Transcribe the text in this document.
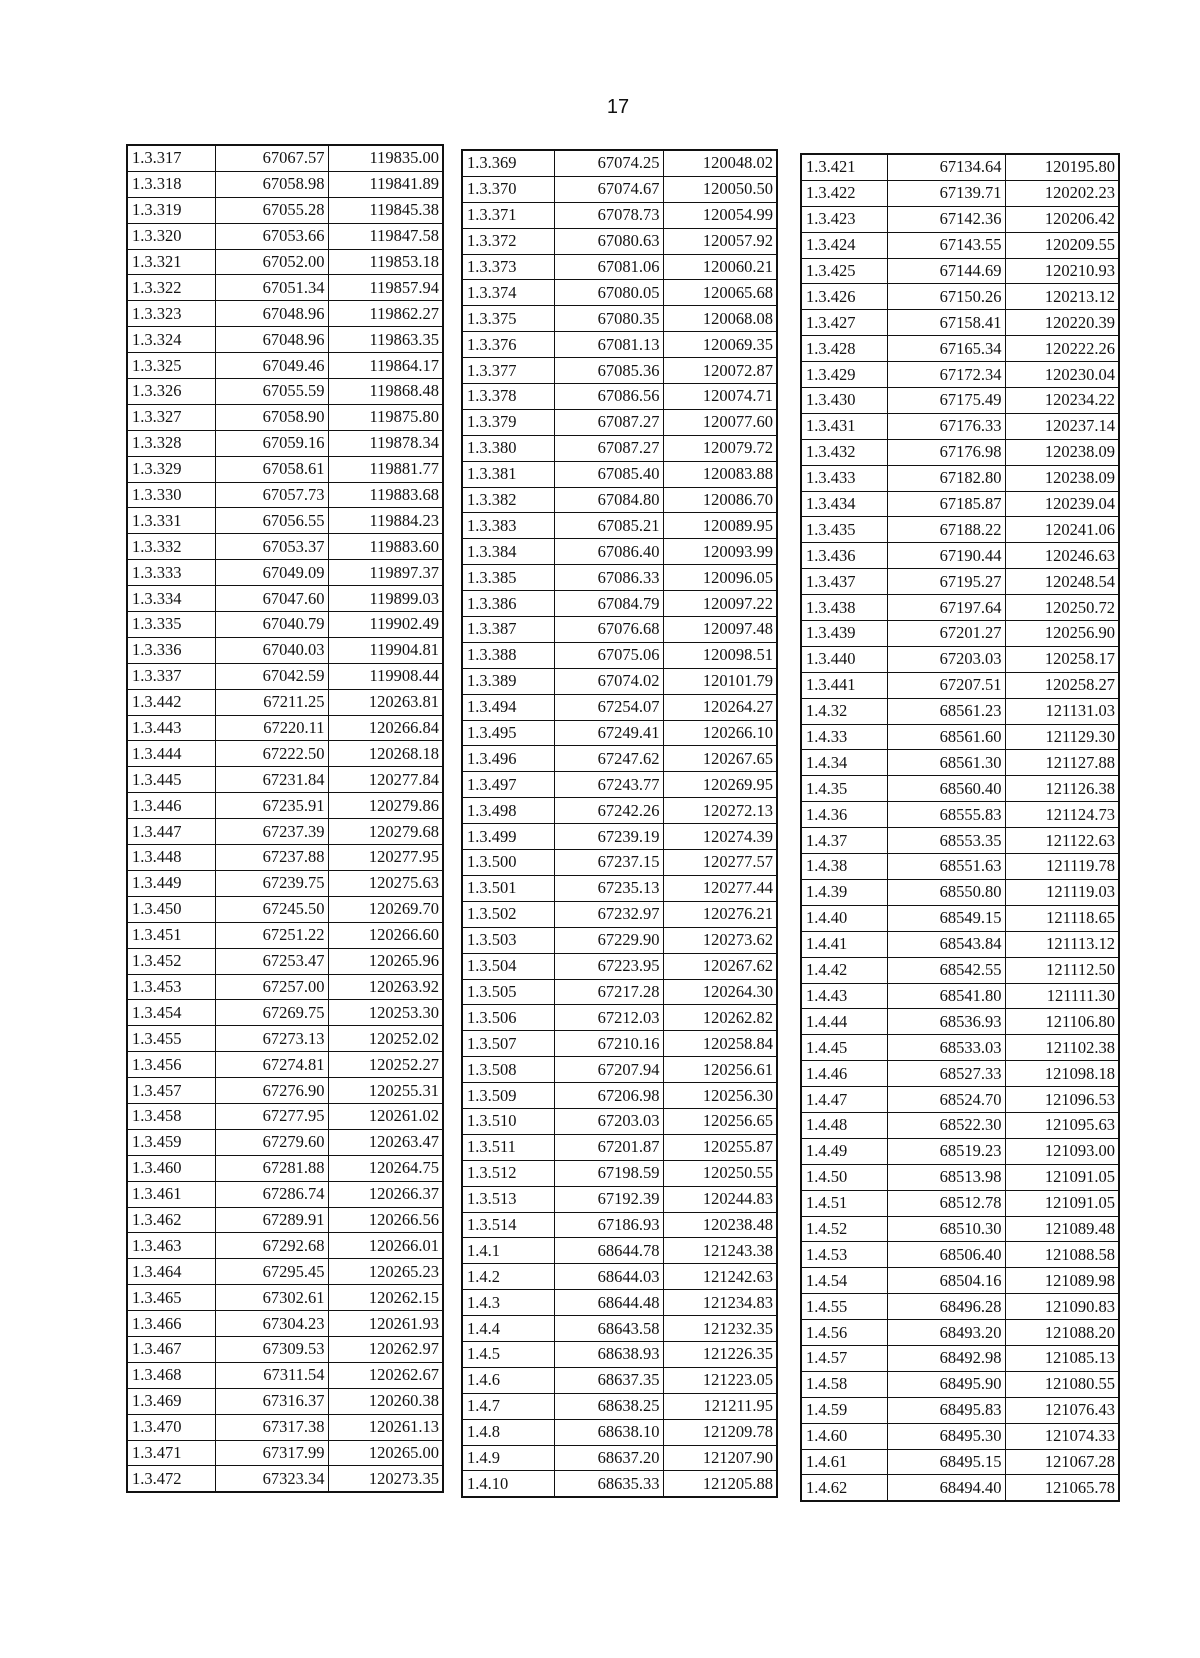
17
1.3.317	67067.57	119835.00
1.3.318	67058.98	119841.89
1.3.319	67055.28	119845.38
1.3.320	67053.66	119847.58
1.3.321	67052.00	119853.18
1.3.322	67051.34	119857.94
1.3.323	67048.96	119862.27
1.3.324	67048.96	119863.35
1.3.325	67049.46	119864.17
1.3.326	67055.59	119868.48
1.3.327	67058.90	119875.80
1.3.328	67059.16	119878.34
1.3.329	67058.61	119881.77
1.3.330	67057.73	119883.68
1.3.331	67056.55	119884.23
1.3.332	67053.37	119883.60
1.3.333	67049.09	119897.37
1.3.334	67047.60	119899.03
1.3.335	67040.79	119902.49
1.3.336	67040.03	119904.81
1.3.337	67042.59	119908.44
1.3.442	67211.25	120263.81
1.3.443	67220.11	120266.84
1.3.444	67222.50	120268.18
1.3.445	67231.84	120277.84
1.3.446	67235.91	120279.86
1.3.447	67237.39	120279.68
1.3.448	67237.88	120277.95
1.3.449	67239.75	120275.63
1.3.450	67245.50	120269.70
1.3.451	67251.22	120266.60
1.3.452	67253.47	120265.96
1.3.453	67257.00	120263.92
1.3.454	67269.75	120253.30
1.3.455	67273.13	120252.02
1.3.456	67274.81	120252.27
1.3.457	67276.90	120255.31
1.3.458	67277.95	120261.02
1.3.459	67279.60	120263.47
1.3.460	67281.88	120264.75
1.3.461	67286.74	120266.37
1.3.462	67289.91	120266.56
1.3.463	67292.68	120266.01
1.3.464	67295.45	120265.23
1.3.465	67302.61	120262.15
1.3.466	67304.23	120261.93
1.3.467	67309.53	120262.97
1.3.468	67311.54	120262.67
1.3.469	67316.37	120260.38
1.3.470	67317.38	120261.13
1.3.471	67317.99	120265.00
1.3.472	67323.34	120273.35
1.3.369	67074.25	120048.02
1.3.370	67074.67	120050.50
1.3.371	67078.73	120054.99
1.3.372	67080.63	120057.92
1.3.373	67081.06	120060.21
1.3.374	67080.05	120065.68
1.3.375	67080.35	120068.08
1.3.376	67081.13	120069.35
1.3.377	67085.36	120072.87
1.3.378	67086.56	120074.71
1.3.379	67087.27	120077.60
1.3.380	67087.27	120079.72
1.3.381	67085.40	120083.88
1.3.382	67084.80	120086.70
1.3.383	67085.21	120089.95
1.3.384	67086.40	120093.99
1.3.385	67086.33	120096.05
1.3.386	67084.79	120097.22
1.3.387	67076.68	120097.48
1.3.388	67075.06	120098.51
1.3.389	67074.02	120101.79
1.3.494	67254.07	120264.27
1.3.495	67249.41	120266.10
1.3.496	67247.62	120267.65
1.3.497	67243.77	120269.95
1.3.498	67242.26	120272.13
1.3.499	67239.19	120274.39
1.3.500	67237.15	120277.57
1.3.501	67235.13	120277.44
1.3.502	67232.97	120276.21
1.3.503	67229.90	120273.62
1.3.504	67223.95	120267.62
1.3.505	67217.28	120264.30
1.3.506	67212.03	120262.82
1.3.507	67210.16	120258.84
1.3.508	67207.94	120256.61
1.3.509	67206.98	120256.30
1.3.510	67203.03	120256.65
1.3.511	67201.87	120255.87
1.3.512	67198.59	120250.55
1.3.513	67192.39	120244.83
1.3.514	67186.93	120238.48
1.4.1	68644.78	121243.38
1.4.2	68644.03	121242.63
1.4.3	68644.48	121234.83
1.4.4	68643.58	121232.35
1.4.5	68638.93	121226.35
1.4.6	68637.35	121223.05
1.4.7	68638.25	121211.95
1.4.8	68638.10	121209.78
1.4.9	68637.20	121207.90
1.4.10	68635.33	121205.88
1.3.421	67134.64	120195.80
1.3.422	67139.71	120202.23
1.3.423	67142.36	120206.42
1.3.424	67143.55	120209.55
1.3.425	67144.69	120210.93
1.3.426	67150.26	120213.12
1.3.427	67158.41	120220.39
1.3.428	67165.34	120222.26
1.3.429	67172.34	120230.04
1.3.430	67175.49	120234.22
1.3.431	67176.33	120237.14
1.3.432	67176.98	120238.09
1.3.433	67182.80	120238.09
1.3.434	67185.87	120239.04
1.3.435	67188.22	120241.06
1.3.436	67190.44	120246.63
1.3.437	67195.27	120248.54
1.3.438	67197.64	120250.72
1.3.439	67201.27	120256.90
1.3.440	67203.03	120258.17
1.3.441	67207.51	120258.27
1.4.32	68561.23	121131.03
1.4.33	68561.60	121129.30
1.4.34	68561.30	121127.88
1.4.35	68560.40	121126.38
1.4.36	68555.83	121124.73
1.4.37	68553.35	121122.63
1.4.38	68551.63	121119.78
1.4.39	68550.80	121119.03
1.4.40	68549.15	121118.65
1.4.41	68543.84	121113.12
1.4.42	68542.55	121112.50
1.4.43	68541.80	121111.30
1.4.44	68536.93	121106.80
1.4.45	68533.03	121102.38
1.4.46	68527.33	121098.18
1.4.47	68524.70	121096.53
1.4.48	68522.30	121095.63
1.4.49	68519.23	121093.00
1.4.50	68513.98	121091.05
1.4.51	68512.78	121091.05
1.4.52	68510.30	121089.48
1.4.53	68506.40	121088.58
1.4.54	68504.16	121089.98
1.4.55	68496.28	121090.83
1.4.56	68493.20	121088.20
1.4.57	68492.98	121085.13
1.4.58	68495.90	121080.55
1.4.59	68495.83	121076.43
1.4.60	68495.30	121074.33
1.4.61	68495.15	121067.28
1.4.62	68494.40	121065.78
